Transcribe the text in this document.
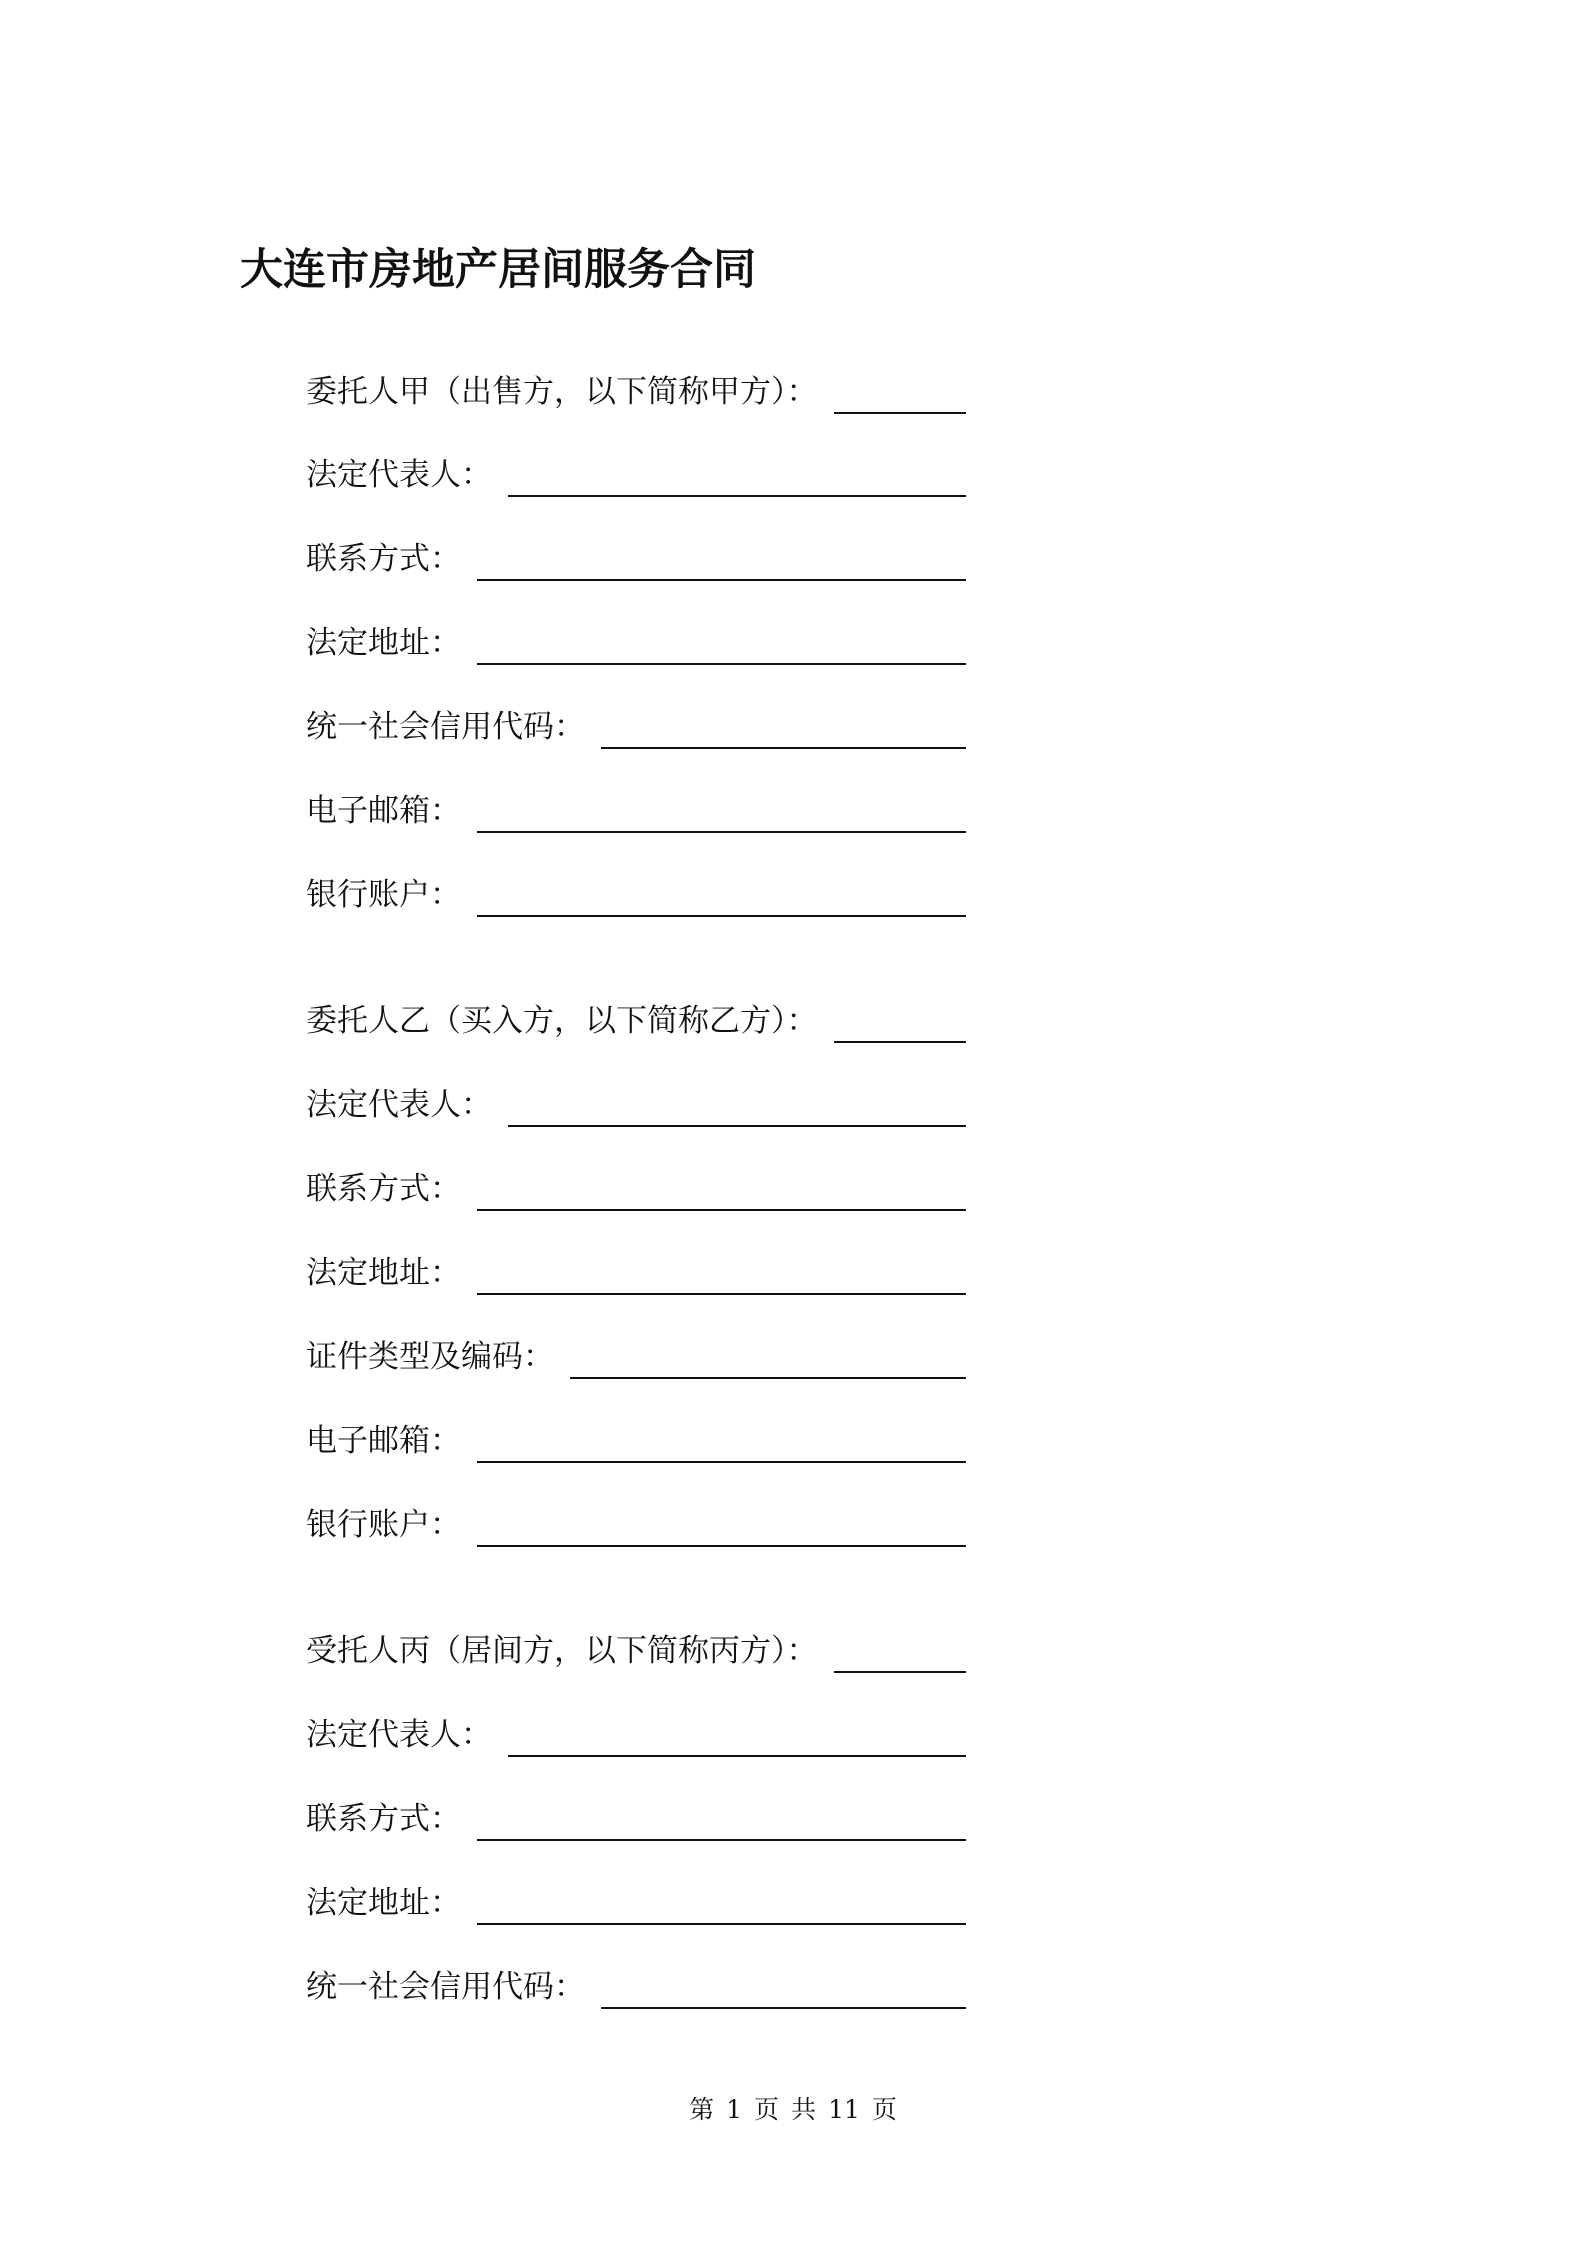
大连市房地产居间服务合同
委托人甲（出售方，以下简称甲方）：
法定代表人：
联系方式：
法定地址：
统一社会信用代码：
电子邮箱：
银行账户：
委托人乙（买入方，以下简称乙方）：
法定代表人：
联系方式：
法定地址：
证件类型及编码：
电子邮箱：
银行账户：
受托人丙（居间方，以下简称丙方）：
法定代表人：
联系方式：
法定地址：
统一社会信用代码：
第 1 页 共 11 页
